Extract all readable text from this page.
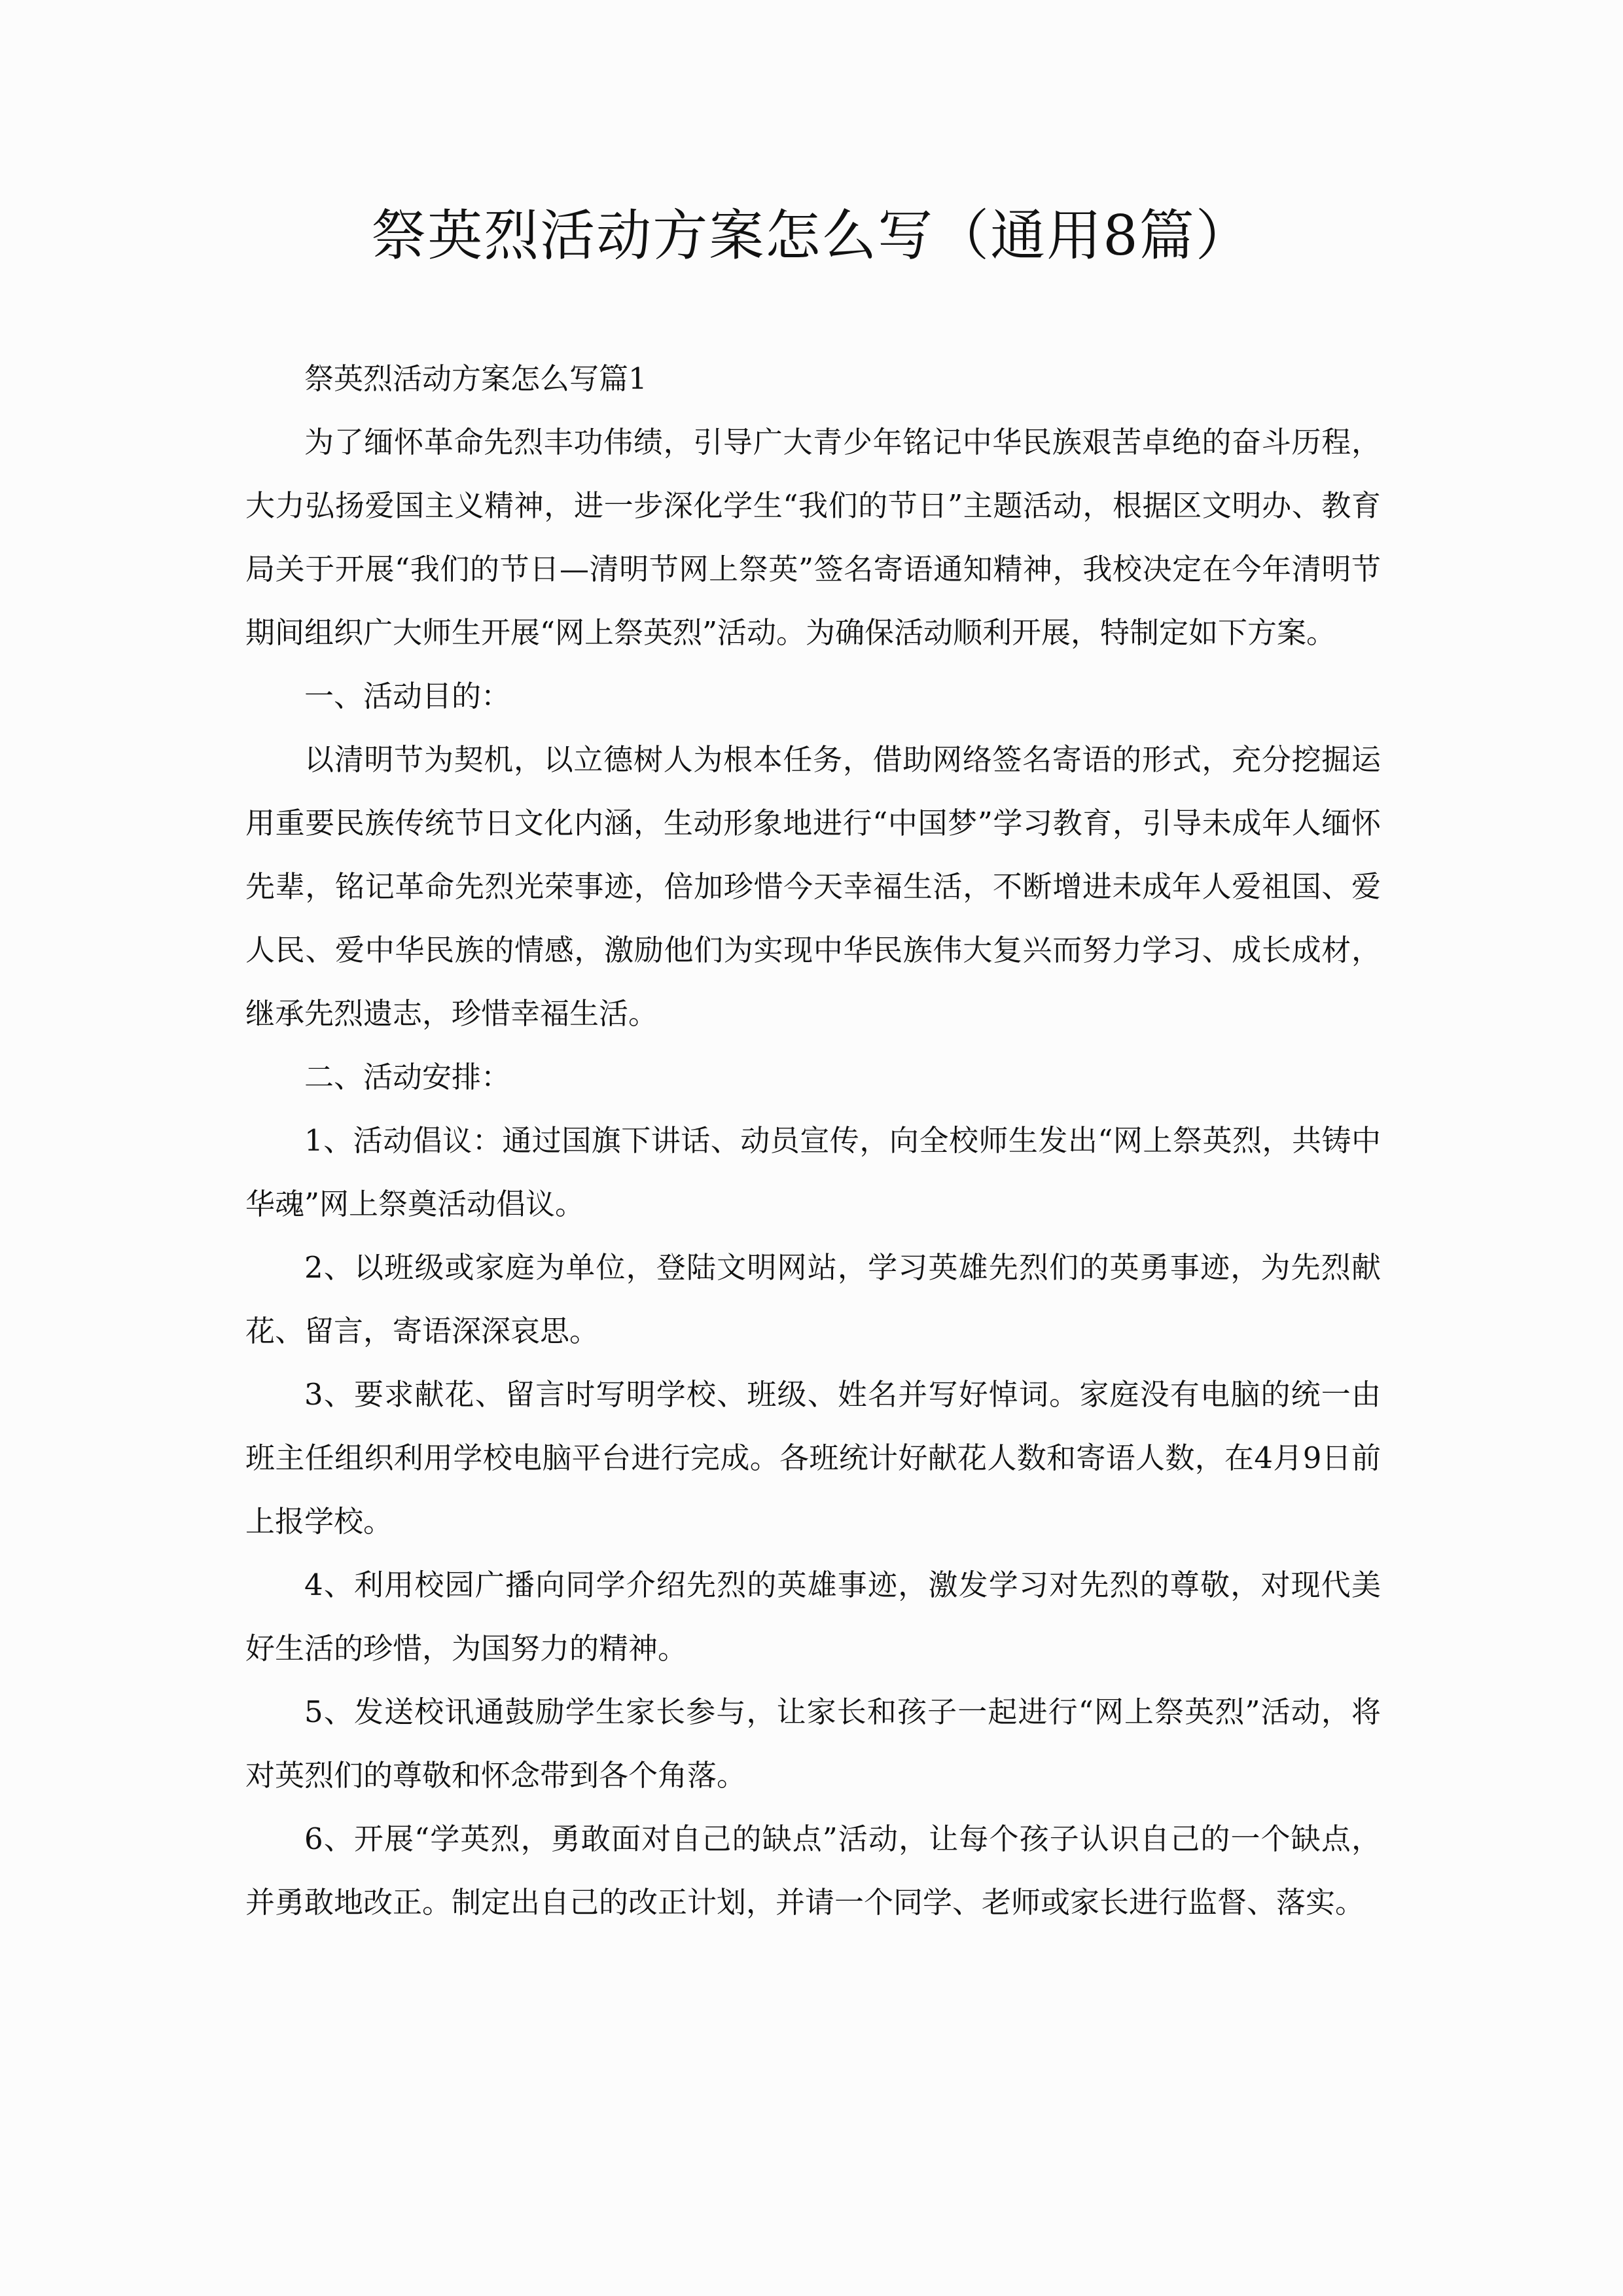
祭英烈活动方案怎么写（通用8篇）

祭英烈活动方案怎么写篇1

为了缅怀革命先烈丰功伟绩，引导广大青少年铭记中华民族艰苦卓绝的奋斗历程，大力弘扬爱国主义精神，进一步深化学生“我们的节日”主题活动，根据区文明办、教育局关于开展“我们的节日—清明节网上祭英”签名寄语通知精神，我校决定在今年清明节期间组织广大师生开展“网上祭英烈”活动。为确保活动顺利开展，特制定如下方案。

一、活动目的：

以清明节为契机，以立德树人为根本任务，借助网络签名寄语的形式，充分挖掘运用重要民族传统节日文化内涵，生动形象地进行“中国梦”学习教育，引导未成年人缅怀先辈，铭记革命先烈光荣事迹，倍加珍惜今天幸福生活，不断增进未成年人爱祖国、爱人民、爱中华民族的情感，激励他们为实现中华民族伟大复兴而努力学习、成长成材，继承先烈遗志，珍惜幸福生活。

二、活动安排：

1、活动倡议：通过国旗下讲话、动员宣传，向全校师生发出“网上祭英烈，共铸中华魂”网上祭奠活动倡议。

2、以班级或家庭为单位，登陆文明网站，学习英雄先烈们的英勇事迹，为先烈献花、留言，寄语深深哀思。

3、要求献花、留言时写明学校、班级、姓名并写好悼词。家庭没有电脑的统一由班主任组织利用学校电脑平台进行完成。各班统计好献花人数和寄语人数，在4月9日前上报学校。

4、利用校园广播向同学介绍先烈的英雄事迹，激发学习对先烈的尊敬，对现代美好生活的珍惜，为国努力的精神。

5、发送校讯通鼓励学生家长参与，让家长和孩子一起进行“网上祭英烈”活动，将对英烈们的尊敬和怀念带到各个角落。

6、开展“学英烈，勇敢面对自己的缺点”活动，让每个孩子认识自己的一个缺点，并勇敢地改正。制定出自己的改正计划，并请一个同学、老师或家长进行监督、落实。
